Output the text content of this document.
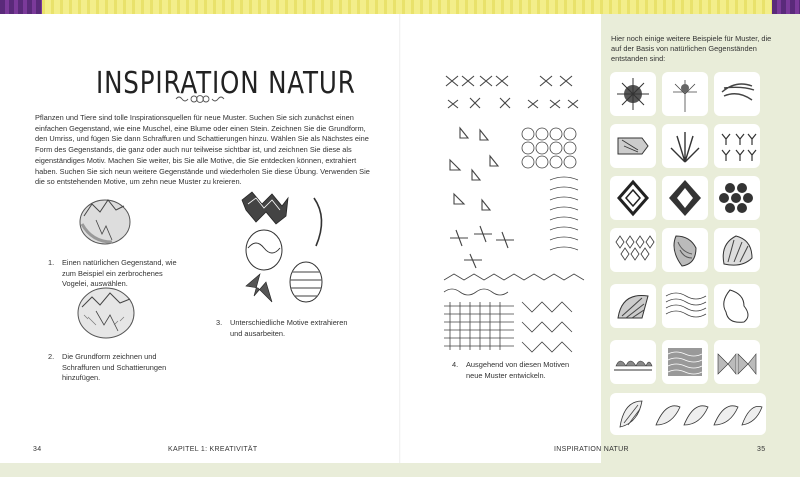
INSPIRATION NATUR

Pflanzen und Tiere sind tolle Inspirationsquellen für neue Muster. Suchen Sie sich zunächst einen einfachen Gegenstand, wie eine Muschel, eine Blume oder einen Stein. Zeichnen Sie die Grundform, den Umriss, und fügen Sie dann Schraffuren und Schattierungen hinzu. Wählen Sie als Nächstes eine Form des Gegenstands, die ganz oder auch nur teilweise sichtbar ist, und zeichnen Sie diese als eigenständiges Motiv. Machen Sie weiter, bis Sie alle Motive, die Sie entdecken können, extrahiert haben. Suchen Sie sich neun weitere Gegenstände und wiederholen Sie diese Übung. Verwenden Sie die so entstehenden Motive, um zehn neue Muster zu kreieren.

1. Einen natürlichen Gegenstand, wie zum Beispiel ein zerbrochenes Vogelei, auswählen.

2. Die Grundform zeichnen und Schraffuren und Schattierungen hinzufügen.

3. Unterschiedliche Motive extrahieren und ausarbeiten.

34	KAPITEL 1: KREATIVITÄT

4. Ausgehend von diesen Motiven neue Muster entwickeln.

INSPIRATION NATUR	35

Hier noch einige weitere Beispiele für Muster, die auf der Basis von natürlichen Gegenständen entstanden sind:
